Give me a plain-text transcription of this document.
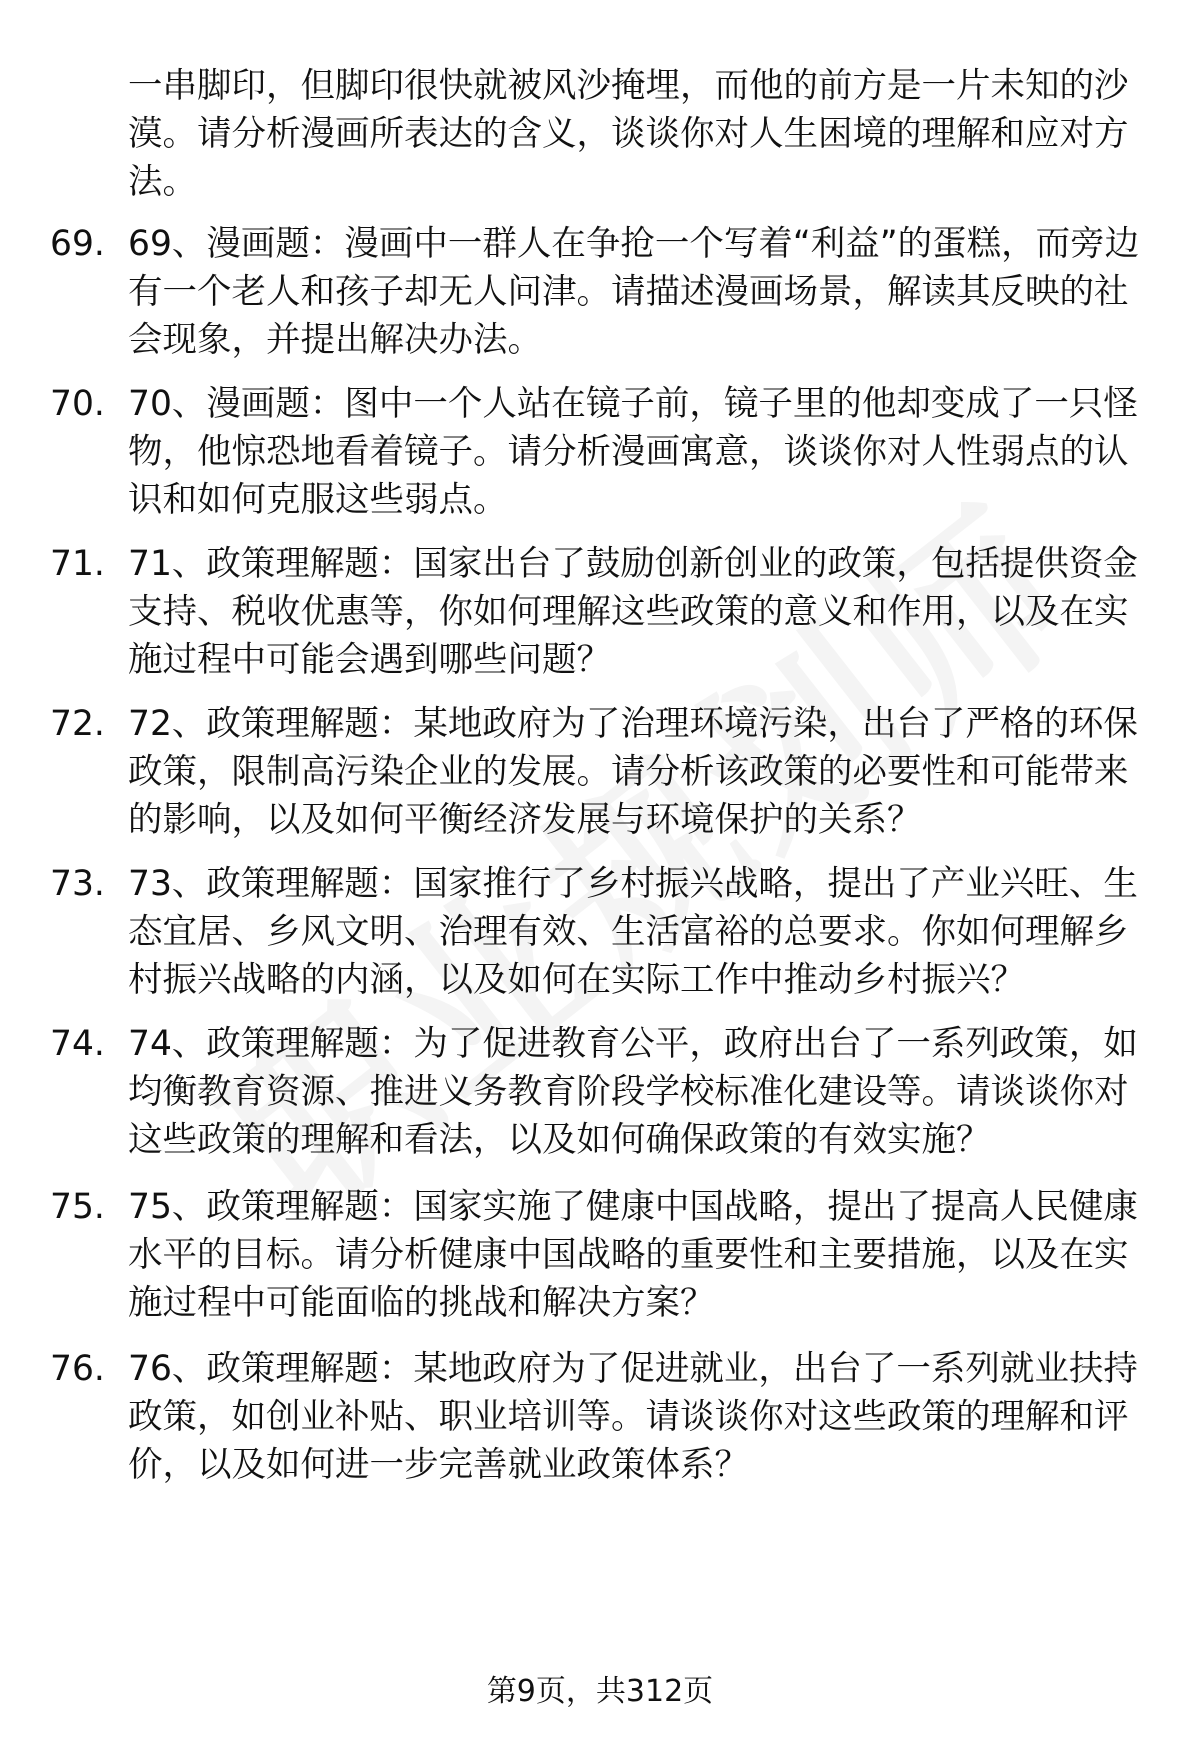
一串脚印，但脚印很快就被风沙掩埋，而他的前方是一片未知的沙漠。请分析漫画所表达的含义，谈谈你对人生困境的理解和应对方法。
69. 69、漫画题：漫画中一群人在争抢一个写着“利益”的蛋糕，而旁边有一个老人和孩子却无人问津。请描述漫画场景，解读其反映的社会现象，并提出解决办法。
70. 70、漫画题：图中一个人站在镜子前，镜子里的他却变成了一只怪物，他惊恐地看着镜子。请分析漫画寓意，谈谈你对人性弱点的认识和如何克服这些弱点。
71. 71、政策理解题：国家出台了鼓励创新创业的政策，包括提供资金支持、税收优惠等，你如何理解这些政策的意义和作用，以及在实施过程中可能会遇到哪些问题？
72. 72、政策理解题：某地政府为了治理环境污染，出台了严格的环保政策，限制高污染企业的发展。请分析该政策的必要性和可能带来的影响，以及如何平衡经济发展与环境保护的关系？
73. 73、政策理解题：国家推行了乡村振兴战略，提出了产业兴旺、生态宜居、乡风文明、治理有效、生活富裕的总要求。你如何理解乡村振兴战略的内涵，以及如何在实际工作中推动乡村振兴？
74. 74、政策理解题：为了促进教育公平，政府出台了一系列政策，如均衡教育资源、推进义务教育阶段学校标准化建设等。请谈谈你对这些政策的理解和看法，以及如何确保政策的有效实施？
75. 75、政策理解题：国家实施了健康中国战略，提出了提高人民健康水平的目标。请分析健康中国战略的重要性和主要措施，以及在实施过程中可能面临的挑战和解决方案？
76. 76、政策理解题：某地政府为了促进就业，出台了一系列就业扶持政策，如创业补贴、职业培训等。请谈谈你对这些政策的理解和评价，以及如何进一步完善就业政策体系？
第9页，共312页
